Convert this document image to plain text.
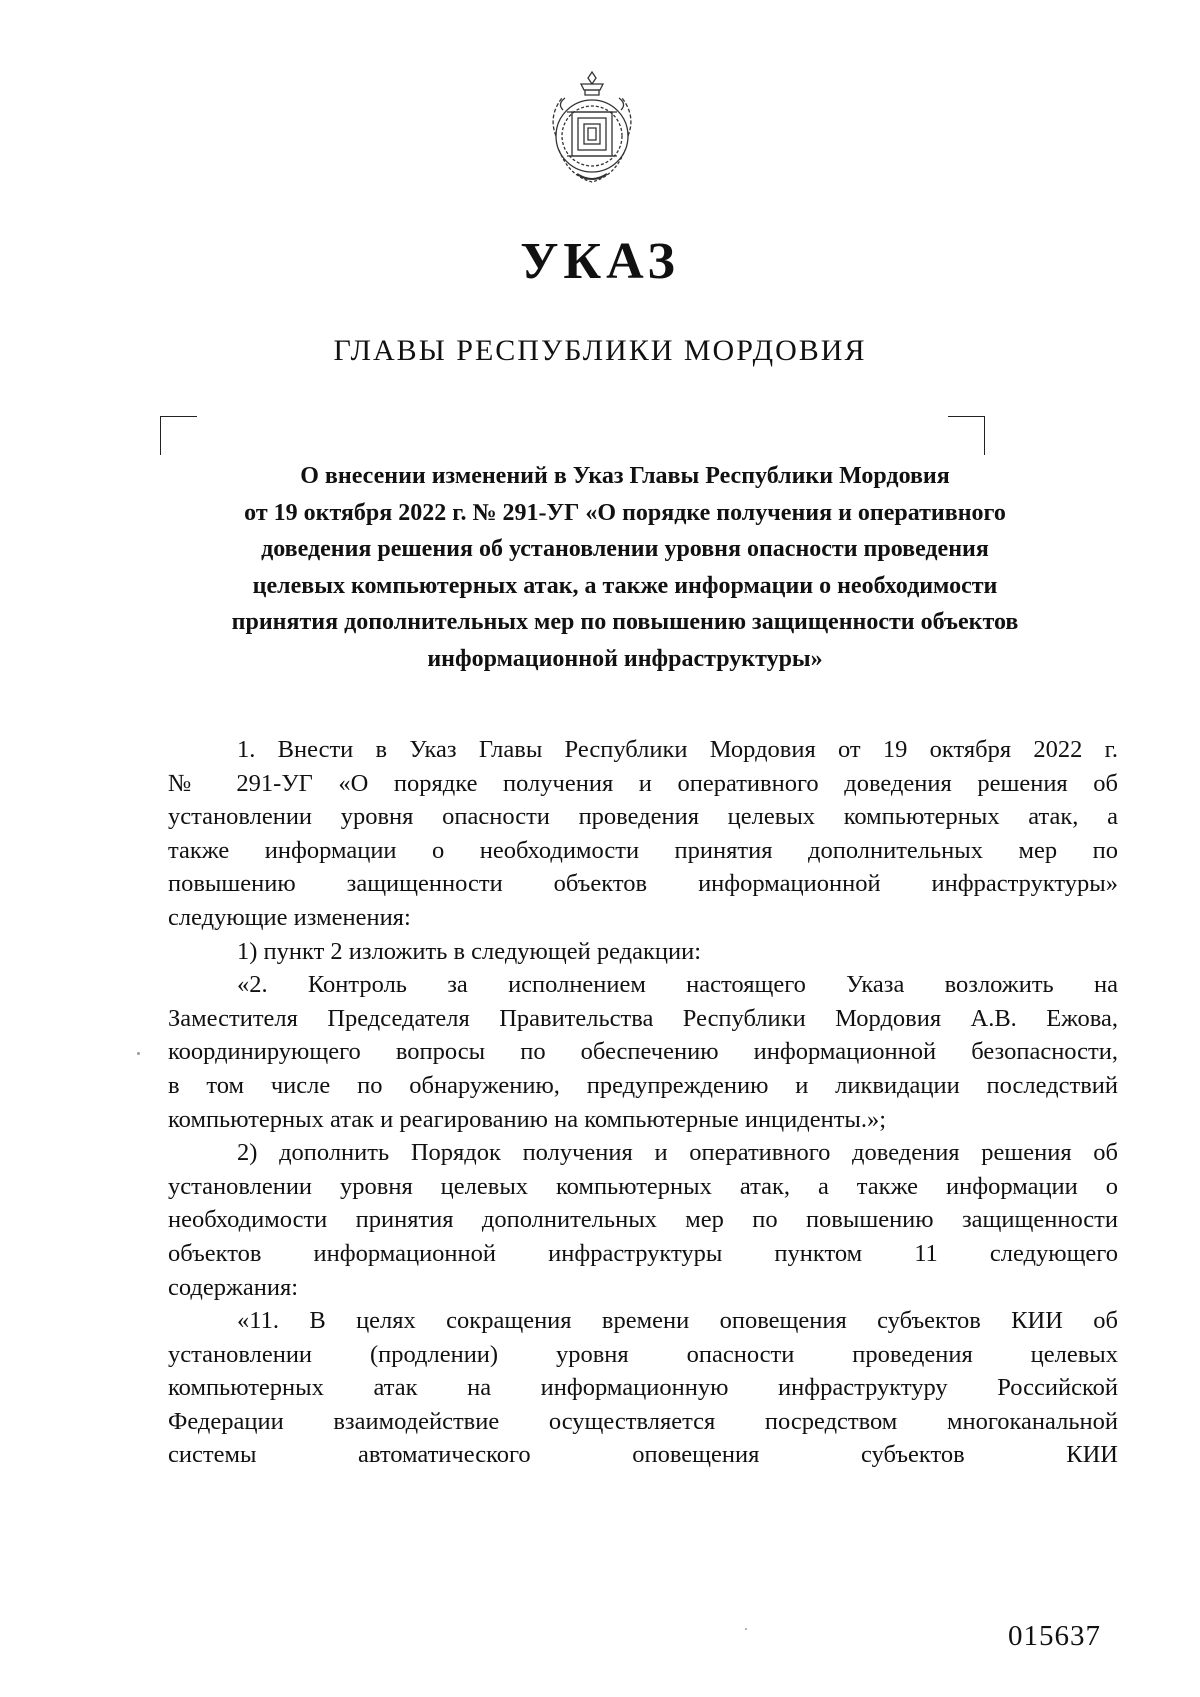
УКАЗ
ГЛАВЫ РЕСПУБЛИКИ МОРДОВИЯ
О внесении изменений в Указ Главы Республики Мордовия
от 19 октября 2022 г. № 291-УГ «О порядке получения и оперативного
доведения решения об установлении уровня опасности проведения
целевых компьютерных атак, а также информации о необходимости
принятия дополнительных мер по повышению защищенности объектов
информационной инфраструктуры»
1. Внести в Указ Главы Республики Мордовия от 19 октября 2022 г.
№ 291-УГ «О порядке получения и оперативного доведения решения об
установлении уровня опасности проведения целевых компьютерных атак, а
также информации о необходимости принятия дополнительных мер по
повышению защищенности объектов информационной инфраструктуры»
следующие изменения:
1) пункт 2 изложить в следующей редакции:
«2. Контроль за исполнением настоящего Указа возложить на
Заместителя Председателя Правительства Республики Мордовия А.В. Ежова,
координирующего вопросы по обеспечению информационной безопасности,
в том числе по обнаружению, предупреждению и ликвидации последствий
компьютерных атак и реагированию на компьютерные инциденты.»;
2) дополнить Порядок получения и оперативного доведения решения об
установлении уровня целевых компьютерных атак, а также информации о
необходимости принятия дополнительных мер по повышению защищенности
объектов информационной инфраструктуры пунктом 11 следующего
содержания:
«11. В целях сокращения времени оповещения субъектов КИИ об
установлении (продлении) уровня опасности проведения целевых
компьютерных атак на информационную инфраструктуру Российской
Федерации взаимодействие осуществляется посредством многоканальной
системы автоматического оповещения субъектов КИИ
015637
